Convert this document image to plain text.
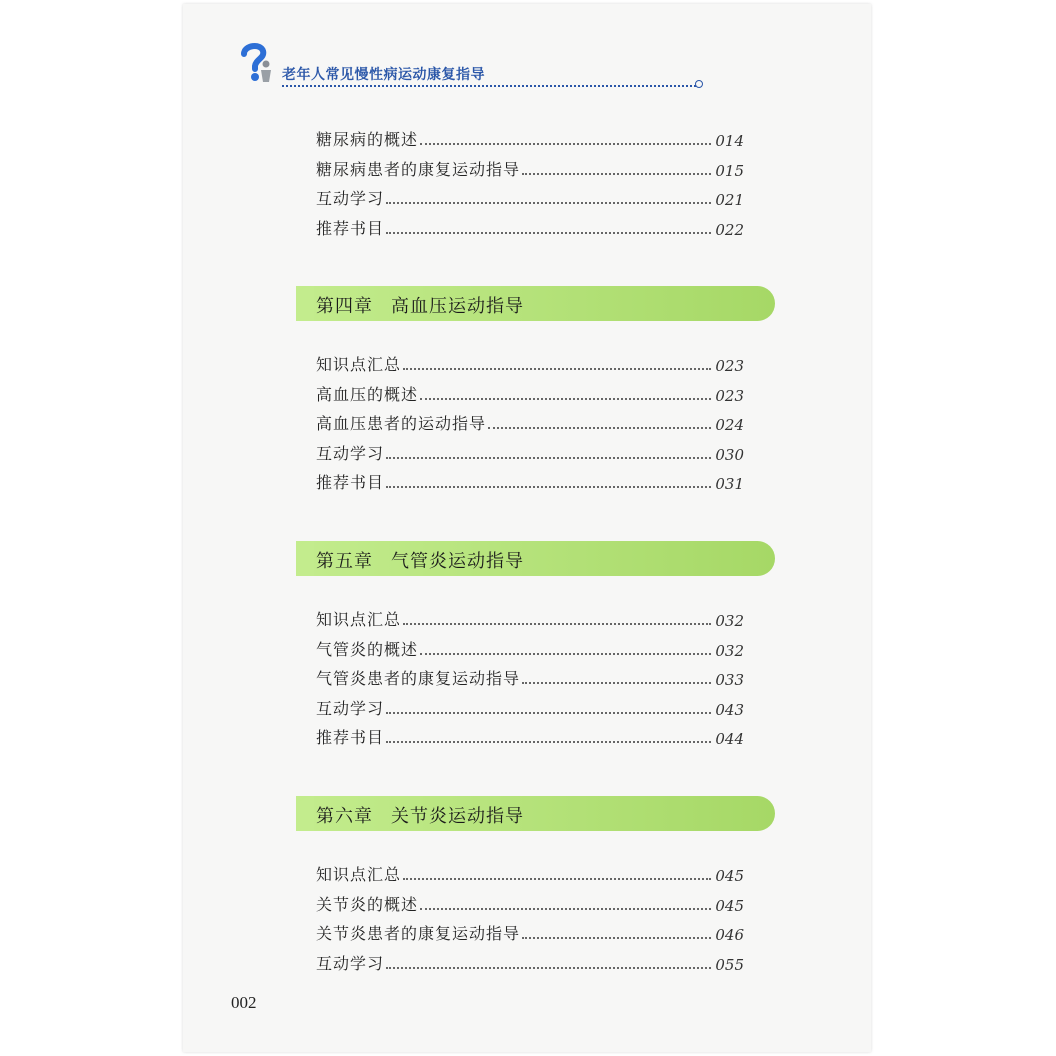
老年人常见慢性病运动康复指导
糖尿病的概述	014
糖尿病患者的康复运动指导	015
互动学习	021
推荐书目	022
第四章 高血压运动指导
知识点汇总	023
高血压的概述	023
高血压患者的运动指导	024
互动学习	030
推荐书目	031
第五章 气管炎运动指导
知识点汇总	032
气管炎的概述	032
气管炎患者的康复运动指导	033
互动学习	043
推荐书目	044
第六章 关节炎运动指导
知识点汇总	045
关节炎的概述	045
关节炎患者的康复运动指导	046
互动学习	055
002
